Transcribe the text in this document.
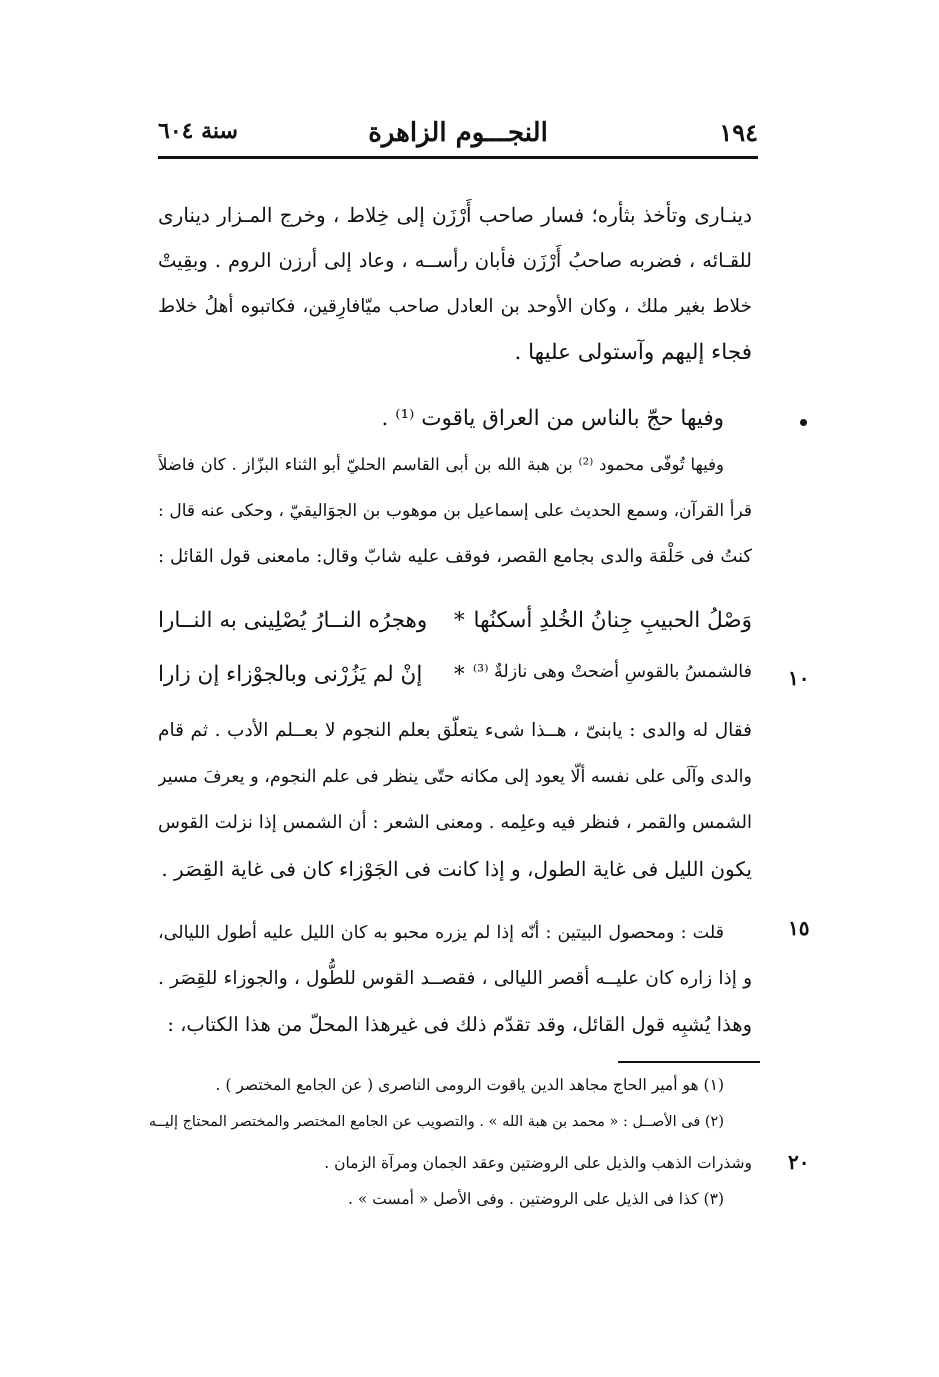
١٩٤
النجـــوم الزاهرة
سنة ٦٠٤
دينـارى وتأخذ بثأره؛ فسار صاحب أَرْزَن إلى خِلاط ، وخرج المـزار دينارى
للقـائه ، فضربه صاحبُ أَرْزَن فأبان رأســه ، وعاد إلى أرزن الروم . وبقِيتْ
خلاط بغير ملك ، وكان الأوحد بن العادل صاحب ميّافارِقين، فكاتبوه أهلُ خلاط
فجاء إليهم وآستولى عليها .
وفيها حجّ بالناس من العراق ياقوت ⁽¹⁾ .
وفيها تُوفّى محمود ⁽²⁾ بن هبة الله بن أبى القاسم الحليّ أبو الثناء البزّاز . كان فاضلاً
قرأ القرآن، وسمع الحديث على إسماعيل بن موهوب بن الجوَاليقيّ ، وحكى عنه قال :
كنتُ فى حَلْقة والدى بجامع القصر، فوقف عليه شابّ وقال: مامعنى قول القائل :
وَصْلُ الحبيبِ جِنانُ الخُلدِ أسكنُها
*
وهجرُه النــارُ يُصْلِينى به النــارا
فالشمسُ بالقوسِ أضحتْ وهى نازلةٌ ⁽³⁾
*
إنْ لم يَزُرْنى وبالجوْزاء إن زارا
فقال له والدى : يابنىّ ، هــذا شىء يتعلّق بعلم النجوم لا بعــلم الأدب . ثم قام
والدى وآلَى على نفسه ألّا يعود إلى مكانه حتّى ينظر فى علم النجوم، و يعرفَ مسير
الشمس والقمر ، فنظر فيه وعلِمه . ومعنى الشعر : أن الشمس إذا نزلت القوس
يكون الليل فى غاية الطول، و إذا كانت فى الجَوْزاء كان فى غاية القِصَر .
قلت : ومحصول البيتين : أنّه إذا لم يزره محبو به كان الليل عليه أطول الليالى،
و إذا زاره كان عليــه أقصر الليالى ، فقصــد القوس للطُّول ، والجوزاء للقِصَر .
وهذا يُشبِه قول القائل، وقد تقدّم ذلك فى غيرهذا المحلّ من هذا الكتاب، :
١٠
١٥
٢٠
(١) هو أمير الحاج مجاهد الدين ياقوت الرومى الناصرى ( عن الجامع المختصر ) .
(٢) فى الأصــل : « محمد بن هبة الله » . والتصويب عن الجامع المختصر والمختصر المحتاج إليــه
وشذرات الذهب والذيل على الروضتين وعقد الجمان ومرآة الزمان .
(٣) كذا فى الذيل على الروضتين . وفى الأصل « أمست » .
